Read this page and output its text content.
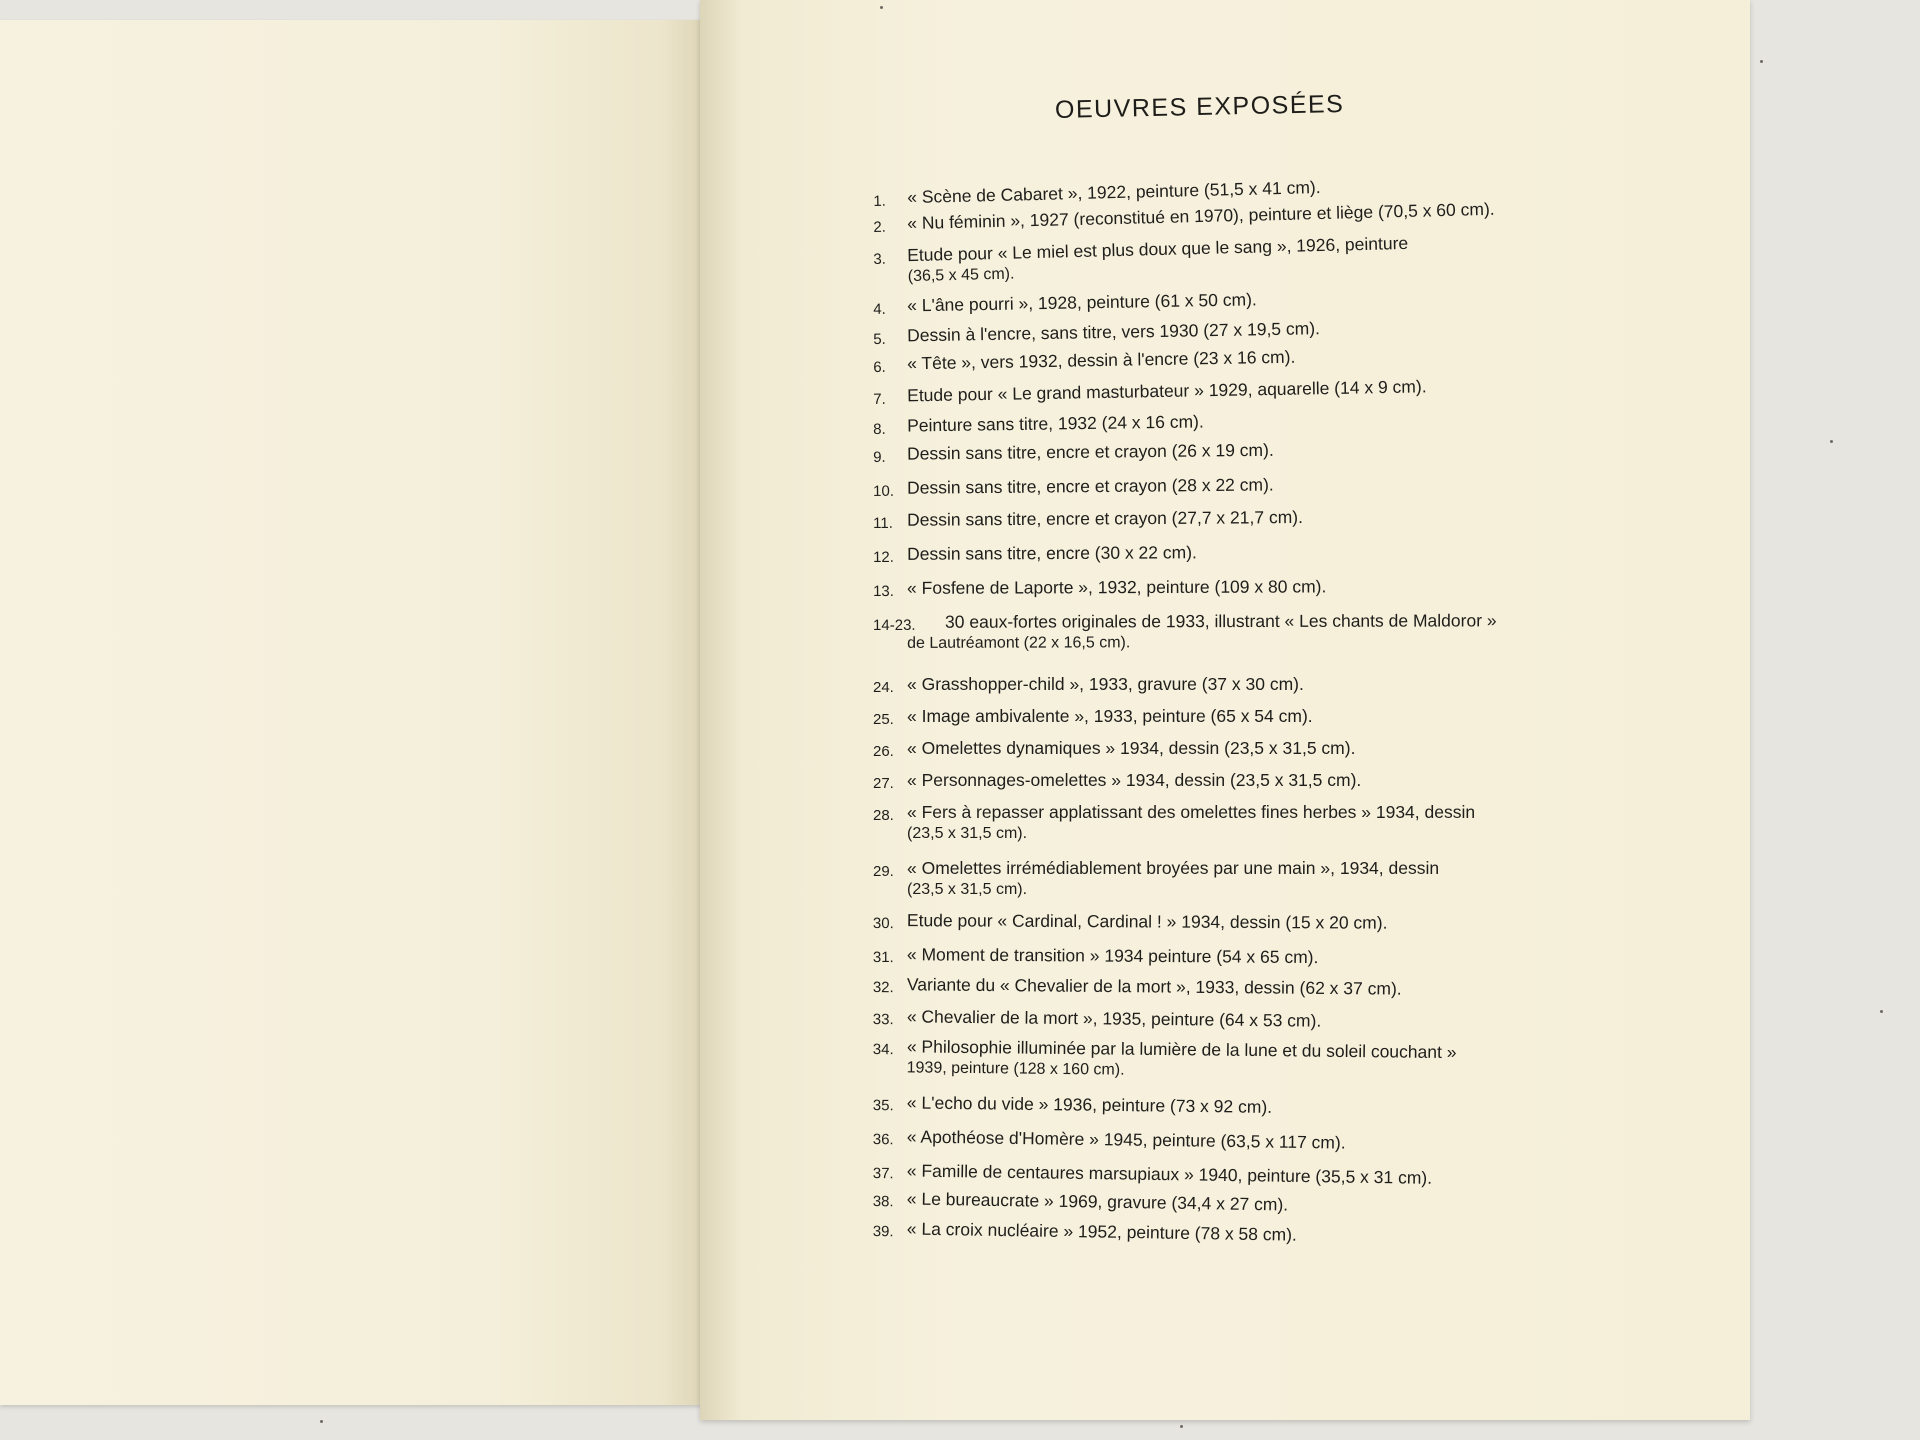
OEUVRES EXPOSÉES
1. « Scène de Cabaret », 1922, peinture (51,5 x 41 cm).
2. « Nu féminin », 1927 (reconstitué en 1970), peinture et liège (70,5 x 60 cm).
3. Etude pour « Le miel est plus doux que le sang », 1926, peinture
(36,5 x 45 cm).
4. « L'âne pourri », 1928, peinture (61 x 50 cm).
5. Dessin à l'encre, sans titre, vers 1930 (27 x 19,5 cm).
6. « Tête », vers 1932, dessin à l'encre (23 x 16 cm).
7. Etude pour « Le grand masturbateur » 1929, aquarelle (14 x 9 cm).
8. Peinture sans titre, 1932 (24 x 16 cm).
9. Dessin sans titre, encre et crayon (26 x 19 cm).
10. Dessin sans titre, encre et crayon (28 x 22 cm).
11. Dessin sans titre, encre et crayon (27,7 x 21,7 cm).
12. Dessin sans titre, encre (30 x 22 cm).
13. « Fosfene de Laporte », 1932, peinture (109 x 80 cm).
14-23. 30 eaux-fortes originales de 1933, illustrant « Les chants de Maldoror »
de Lautréamont (22 x 16,5 cm).
24. « Grasshopper-child », 1933, gravure (37 x 30 cm).
25. « Image ambivalente », 1933, peinture (65 x 54 cm).
26. « Omelettes dynamiques » 1934, dessin (23,5 x 31,5 cm).
27. « Personnages-omelettes » 1934, dessin (23,5 x 31,5 cm).
28. « Fers à repasser applatissant des omelettes fines herbes » 1934, dessin
(23,5 x 31,5 cm).
29. « Omelettes irrémédiablement broyées par une main », 1934, dessin
(23,5 x 31,5 cm).
30. Etude pour « Cardinal, Cardinal ! » 1934, dessin (15 x 20 cm).
31. « Moment de transition » 1934 peinture (54 x 65 cm).
32. Variante du « Chevalier de la mort », 1933, dessin (62 x 37 cm).
33. « Chevalier de la mort », 1935, peinture (64 x 53 cm).
34. « Philosophie illuminée par la lumière de la lune et du soleil couchant »
1939, peinture (128 x 160 cm).
35. « L'echo du vide » 1936, peinture (73 x 92 cm).
36. « Apothéose d'Homère » 1945, peinture (63,5 x 117 cm).
37. « Famille de centaures marsupiaux » 1940, peinture (35,5 x 31 cm).
38. « Le bureaucrate » 1969, gravure (34,4 x 27 cm).
39. « La croix nucléaire » 1952, peinture (78 x 58 cm).
